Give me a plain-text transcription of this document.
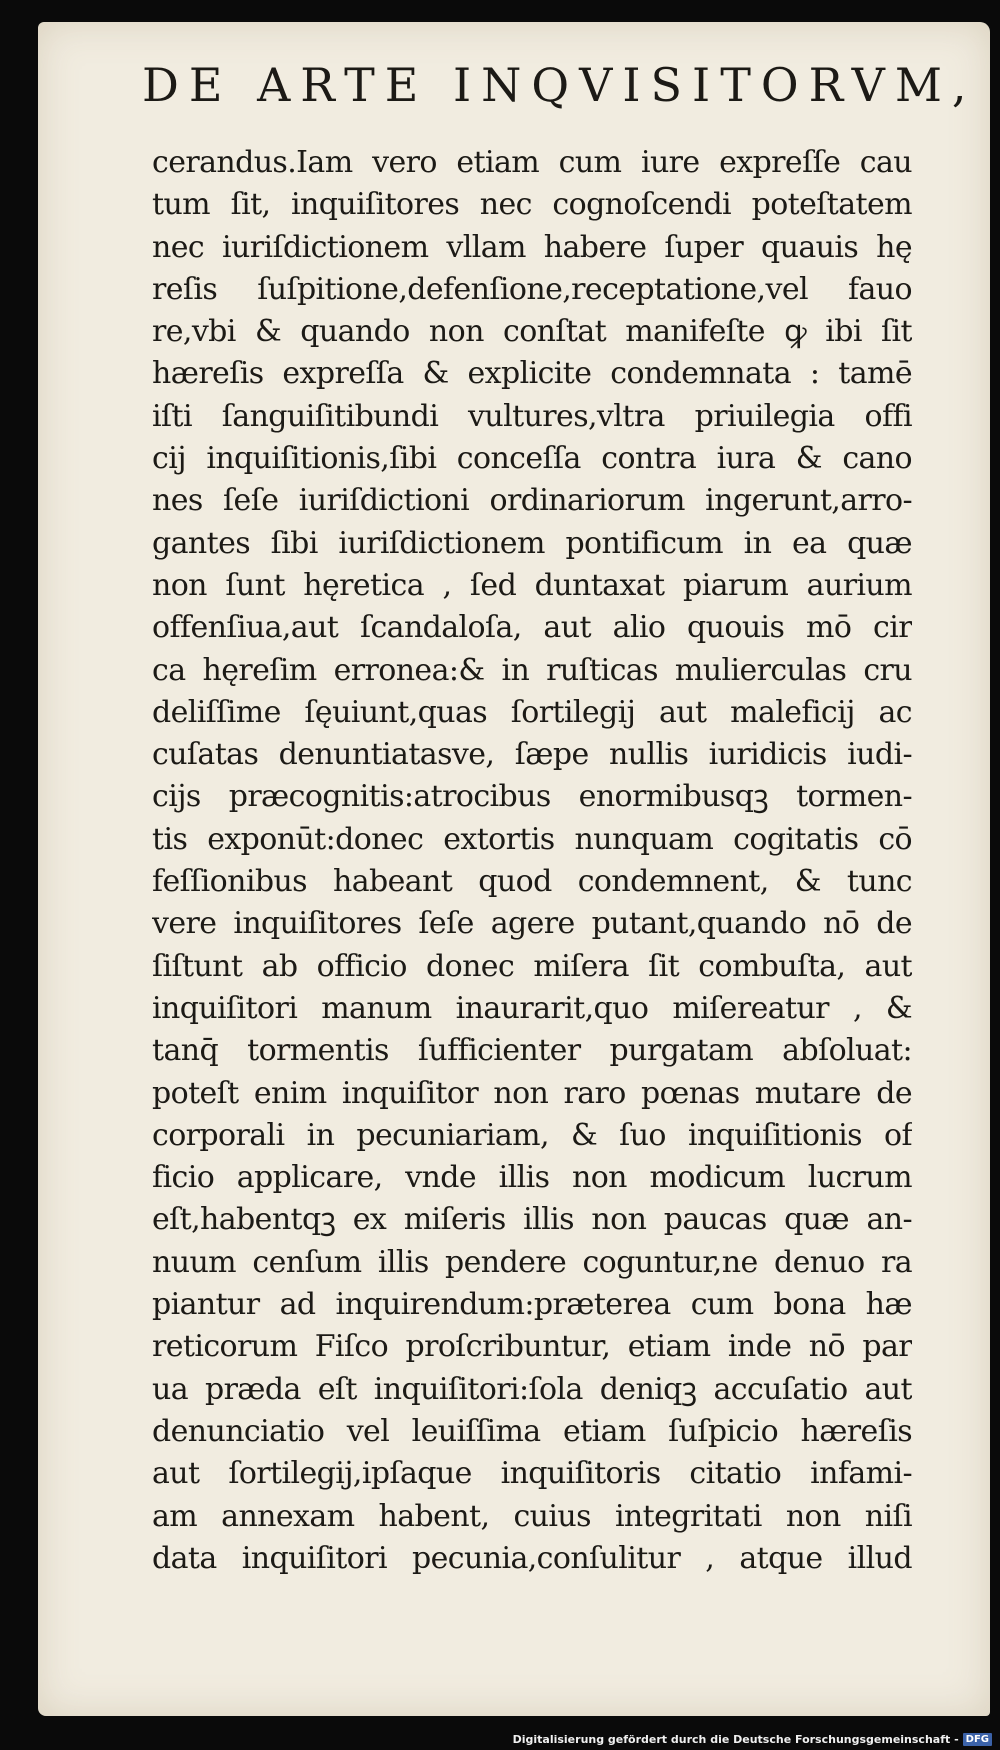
DE ARTE INQVISITORVM,
cerandus.Iam vero etiam cum iure expreſſe cau
tum ſit, inquiſitores nec cognoſcendi poteſtatem
nec iuriſdictionem vllam habere ſuper quauis hę
reſis ſuſpitione,defenſione,receptatione,vel fauo
re,vbi & quando non conſtat manifeſte ꝙ ibi ſit
hæreſis expreſſa & explicite condemnata : tamē
iſti ſanguiſitibundi vultures,vltra priuilegia offi
cij inquiſitionis,ſibi conceſſa contra iura & cano
nes ſeſe iuriſdictioni ordinariorum ingerunt,arro-
gantes ſibi iuriſdictionem pontificum in ea quæ
non ſunt hęretica , ſed duntaxat piarum aurium
offenſiua,aut ſcandaloſa, aut alio quouis mō cir
ca hęreſim erronea:& in ruſticas mulierculas cru
deliſſime ſęuiunt,quas ſortilegij aut maleficij ac
cuſatas denuntiatasve, ſæpe nullis iuridicis iudi-
cijs præcognitis:atrocibus enormibusqꝫ tormen-
tis exponūt:donec extortis nunquam cogitatis cō
feſſionibus habeant quod condemnent, & tunc
vere inquiſitores ſeſe agere putant,quando nō de
ſiſtunt ab officio donec miſera ſit combuſta, aut
inquiſitori manum inaurarit,quo miſereatur , &
tanq̄ tormentis ſufficienter purgatam abſoluat:
poteſt enim inquiſitor non raro pœnas mutare de
corporali in pecuniariam, & ſuo inquiſitionis of
ficio applicare, vnde illis non modicum lucrum
eſt,habentqꝫ ex miſeris illis non paucas quæ an-
nuum cenſum illis pendere coguntur,ne denuo ra
piantur ad inquirendum:præterea cum bona hæ
reticorum Fiſco proſcribuntur, etiam inde nō par
ua præda eſt inquiſitori:ſola deniqꝫ accuſatio aut
denunciatio vel leuiſſima etiam ſuſpicio hæreſis
aut ſortilegij,ipſaque inquiſitoris citatio infami-
am annexam habent, cuius integritati non niſi
data inquiſitori pecunia,conſulitur , atque illud
Digitalisierung gefördert durch die Deutsche Forschungsgemeinschaft - DFG
